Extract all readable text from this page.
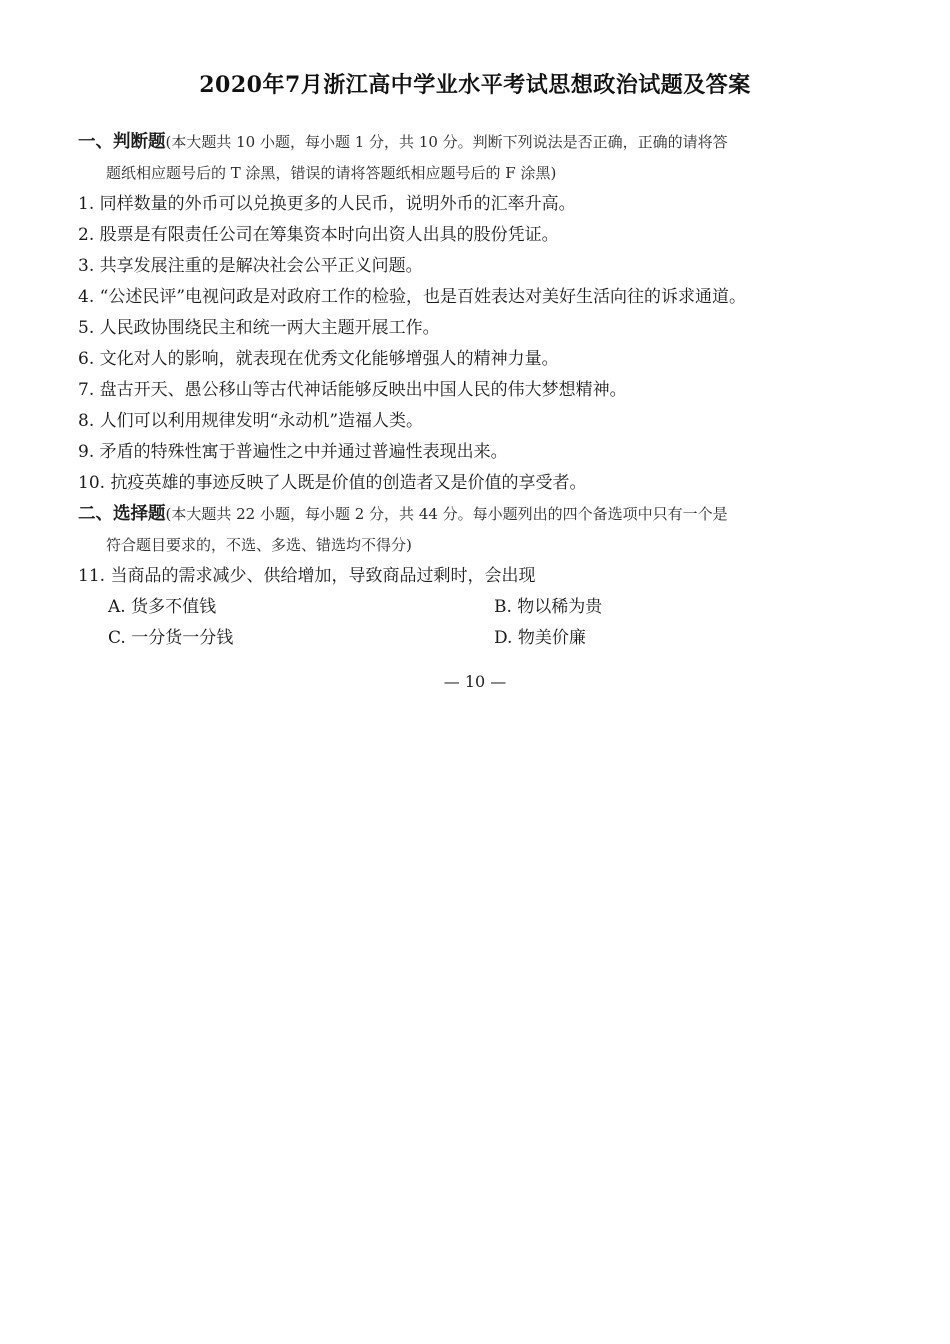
2020年7月浙江高中学业水平考试思想政治试题及答案
一、判断题(本大题共 10 小题，每小题 1 分，共 10 分。判断下列说法是否正确，正确的请将答
题纸相应题号后的 T 涂黑，错误的请将答题纸相应题号后的 F 涂黑)
1. 同样数量的外币可以兑换更多的人民币，说明外币的汇率升高。
2. 股票是有限责任公司在筹集资本时向出资人出具的股份凭证。
3. 共享发展注重的是解决社会公平正义问题。
4. “公述民评”电视问政是对政府工作的检验，也是百姓表达对美好生活向往的诉求通道。
5. 人民政协围绕民主和统一两大主题开展工作。
6. 文化对人的影响，就表现在优秀文化能够增强人的精神力量。
7. 盘古开天、愚公移山等古代神话能够反映出中国人民的伟大梦想精神。
8. 人们可以利用规律发明“永动机”造福人类。
9. 矛盾的特殊性寓于普遍性之中并通过普遍性表现出来。
10. 抗疫英雄的事迹反映了人既是价值的创造者又是价值的享受者。
二、选择题(本大题共 22 小题，每小题 2 分，共 44 分。每小题列出的四个备选项中只有一个是
符合题目要求的，不选、多选、错选均不得分)
11. 当商品的需求减少、供给增加，导致商品过剩时，会出现
A. 货多不值钱	B. 物以稀为贵
C. 一分货一分钱	D. 物美价廉
— 10 —
